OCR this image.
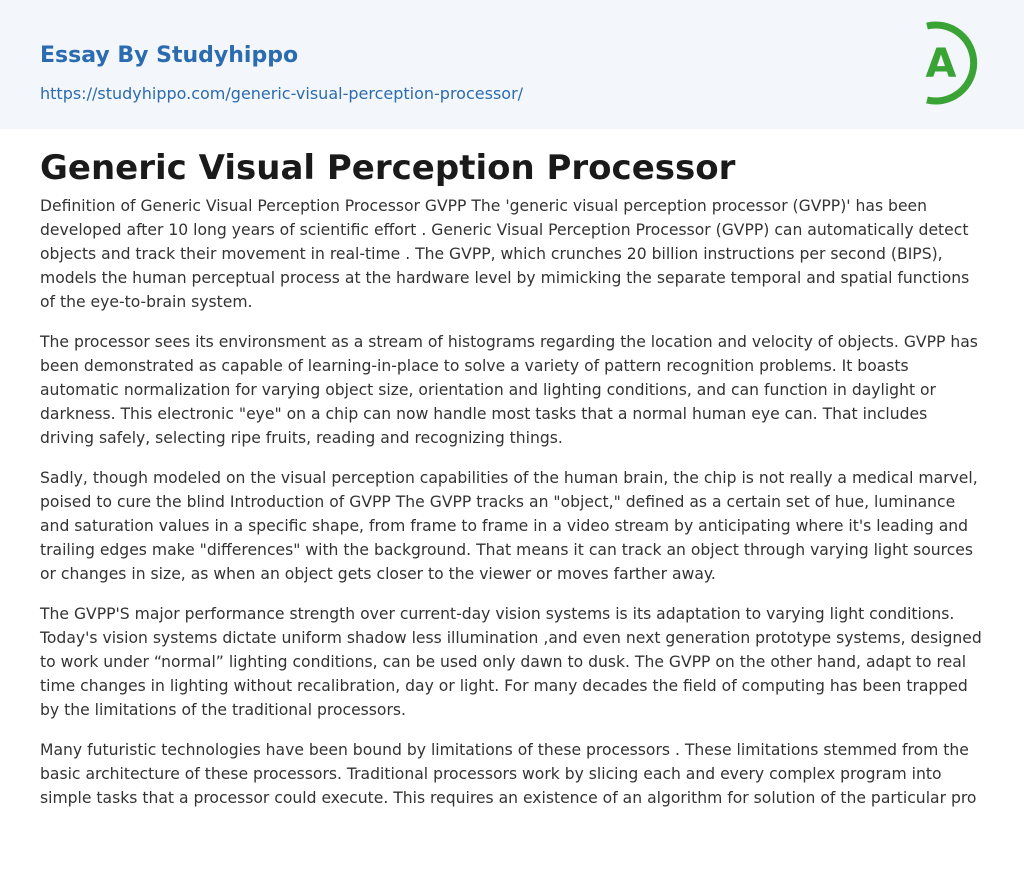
Essay By Studyhippo
https://studyhippo.com/generic-visual-perception-processor/
A
Generic Visual Perception Processor

Definition of Generic Visual Perception Processor GVPP The 'generic visual perception processor (GVPP)' has been developed after 10 long years of scientific effort . Generic Visual Perception Processor (GVPP) can automatically detect objects and track their movement in real-time . The GVPP, which crunches 20 billion instructions per second (BIPS), models the human perceptual process at the hardware level by mimicking the separate temporal and spatial functions of the eye-to-brain system.

The processor sees its environsment as a stream of histograms regarding the location and velocity of objects. GVPP has been demonstrated as capable of learning-in-place to solve a variety of pattern recognition problems. It boasts automatic normalization for varying object size, orientation and lighting conditions, and can function in daylight or darkness. This electronic "eye" on a chip can now handle most tasks that a normal human eye can. That includes driving safely, selecting ripe fruits, reading and recognizing things.

Sadly, though modeled on the visual perception capabilities of the human brain, the chip is not really a medical marvel, poised to cure the blind Introduction of GVPP The GVPP tracks an "object," defined as a certain set of hue, luminance and saturation values in a specific shape, from frame to frame in a video stream by anticipating where it's leading and trailing edges make "differences" with the background. That means it can track an object through varying light sources or changes in size, as when an object gets closer to the viewer or moves farther away.

The GVPP'S major performance strength over current-day vision systems is its adaptation to varying light conditions. Today's vision systems dictate uniform shadow less illumination ,and even next generation prototype systems, designed to work under “normal” lighting conditions, can be used only dawn to dusk. The GVPP on the other hand, adapt to real time changes in lighting without recalibration, day or light. For many decades the field of computing has been trapped by the limitations of the traditional processors.

Many futuristic technologies have been bound by limitations of these processors . These limitations stemmed from the basic architecture of these processors. Traditional processors work by slicing each and every complex program into simple tasks that a processor could execute. This requires an existence of an algorithm for solution of the particular pro
